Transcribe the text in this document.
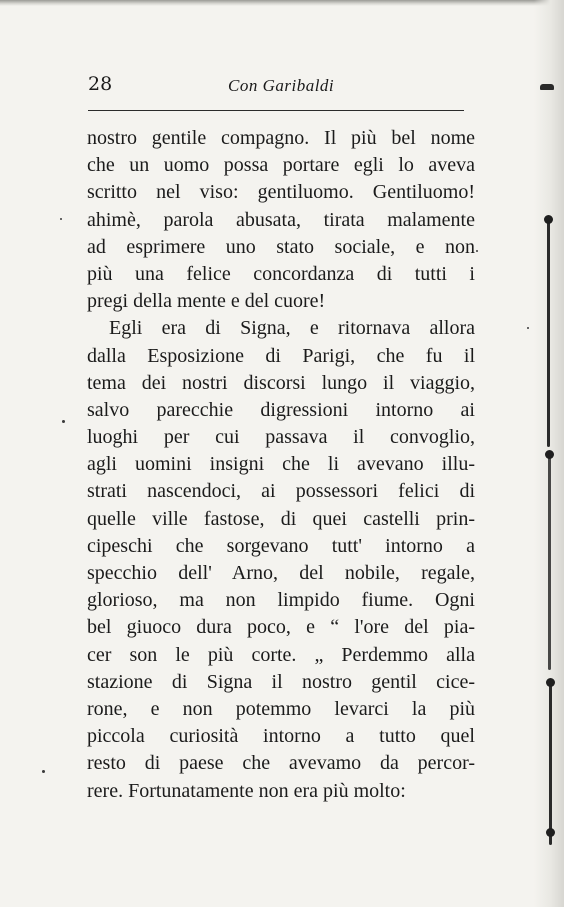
28	Con Garibaldi
nostro gentile compagno. Il più bel nome
che un uomo possa portare egli lo aveva
scritto nel viso: gentiluomo. Gentiluomo!
ahimè, parola abusata, tirata malamente
ad esprimere uno stato sociale, e non
più una felice concordanza di tutti i
pregi della mente e del cuore!
Egli era di Signa, e ritornava allora
dalla Esposizione di Parigi, che fu il
tema dei nostri discorsi lungo il viaggio,
salvo parecchie digressioni intorno ai
luoghi per cui passava il convoglio,
agli uomini insigni che li avevano illu-
strati nascendoci, ai possessori felici di
quelle ville fastose, di quei castelli prin-
cipeschi che sorgevano tutt' intorno a
specchio dell' Arno, del nobile, regale,
glorioso, ma non limpido fiume. Ogni
bel giuoco dura poco, e “ l'ore del pia-
cer son le più corte. „ Perdemmo alla
stazione di Signa il nostro gentil cice-
rone, e non potemmo levarci la più
piccola curiosità intorno a tutto quel
resto di paese che avevamo da percor-
rere. Fortunatamente non era più molto:
